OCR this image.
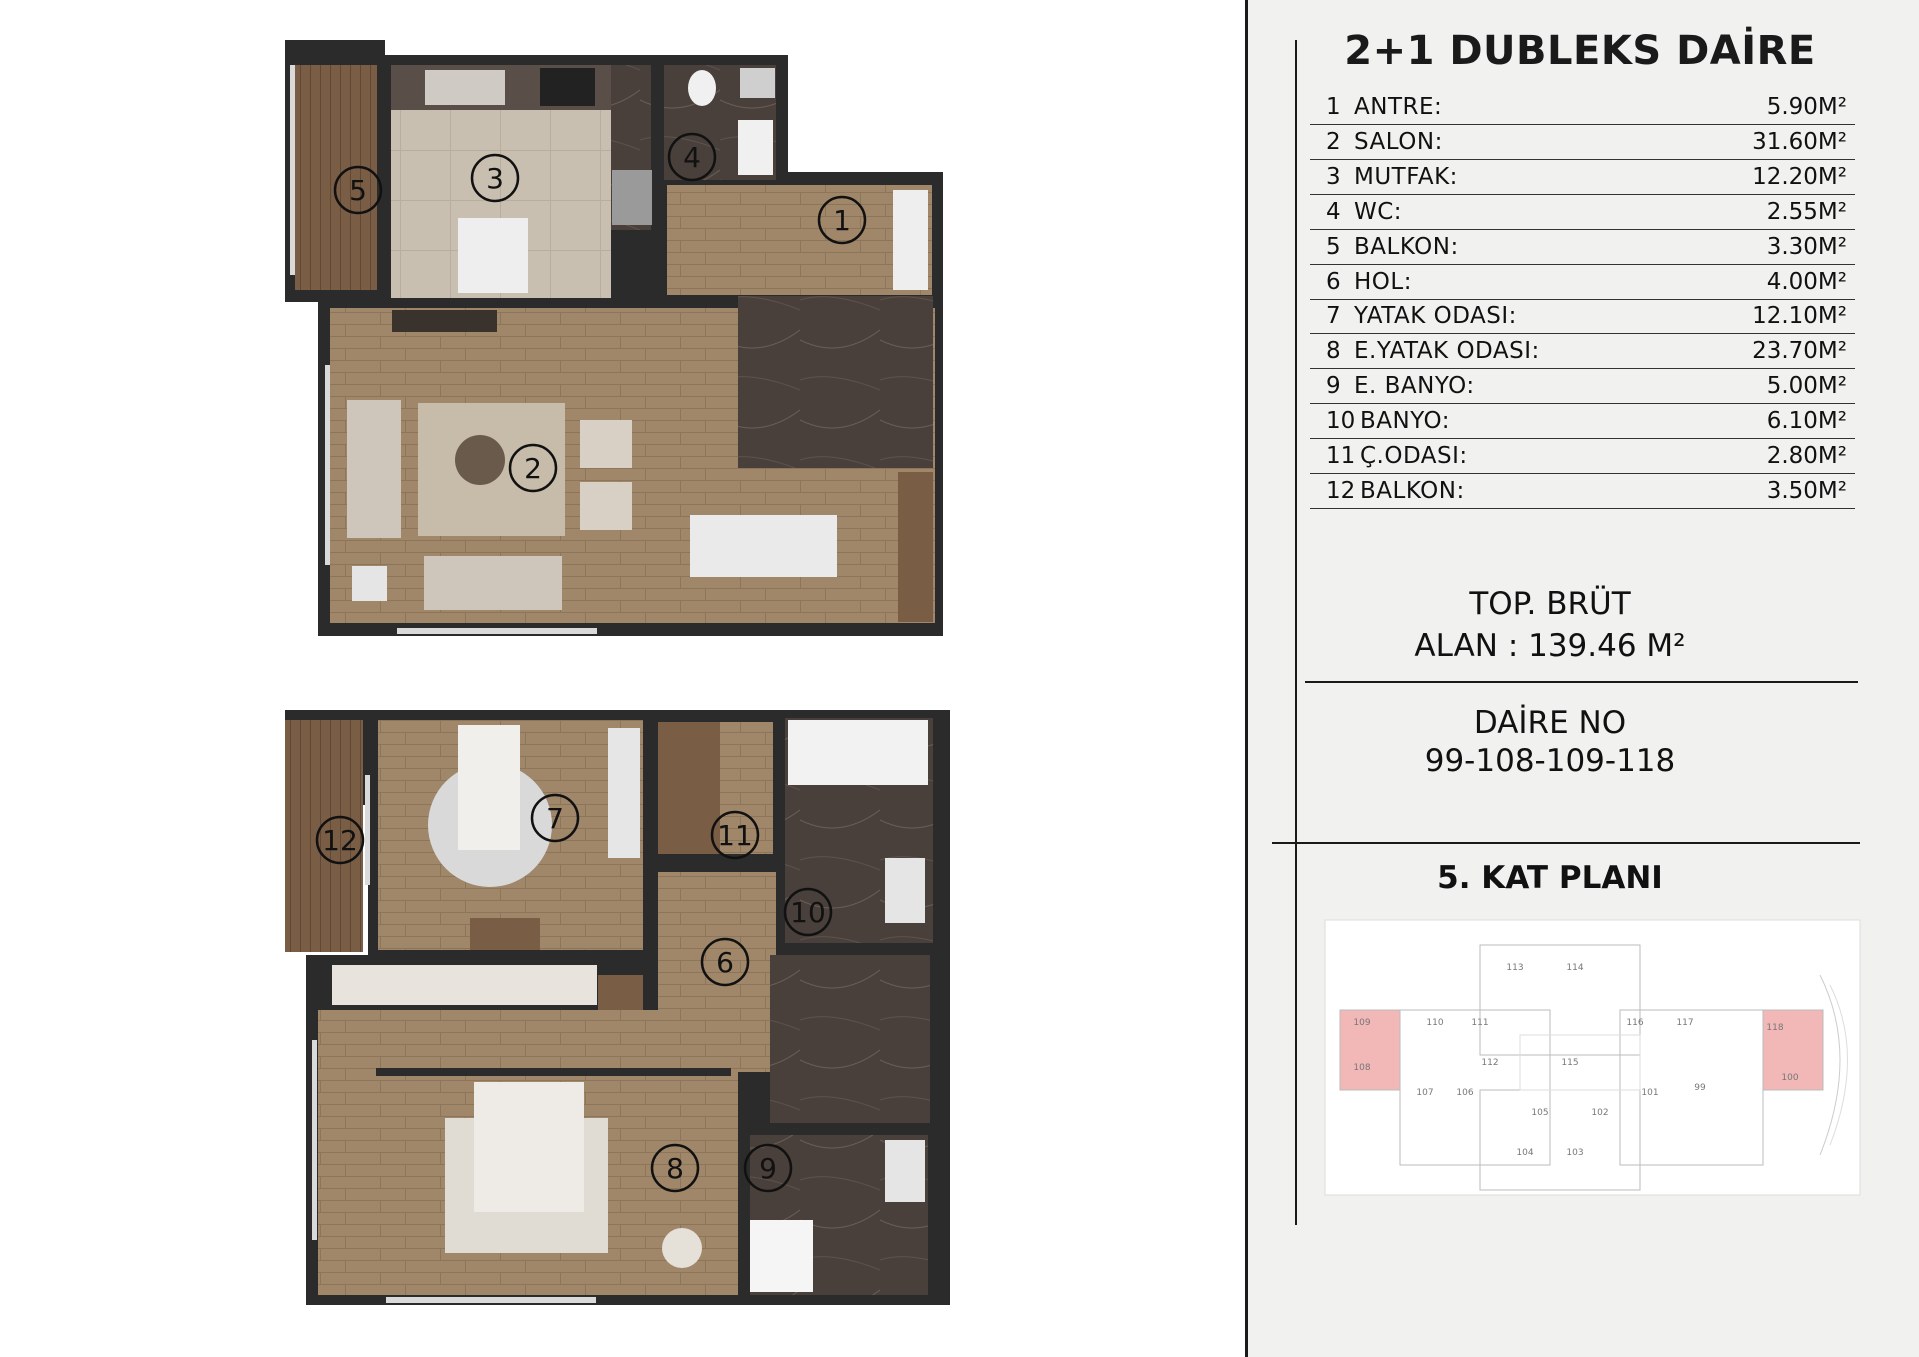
1
2
3
4
5
6
7
8	9
10
11
12
2+1 DUBLEKS DAİRE
1 ANTRE:	5.90M²
2 SALON:	31.60M²
3 MUTFAK:	12.20M²
4 WC:	2.55M²
5 BALKON:	3.30M²
6 HOL:	4.00M²
7 YATAK ODASI:	12.10M²
8 E.YATAK ODASI:	23.70M²
9 E. BANYO:	5.00M²
10 BANYO:	6.10M²
11 Ç.ODASI:	2.80M²
12 BALKON:	3.50M²
TOP. BRÜT
ALAN : 139.46 M²
DAİRE NO
99-108-109-118
5. KAT PLANI
113	114
110	111
112	115
116	117	118
109
108
107	106
105	102
101	99
100
103
104
